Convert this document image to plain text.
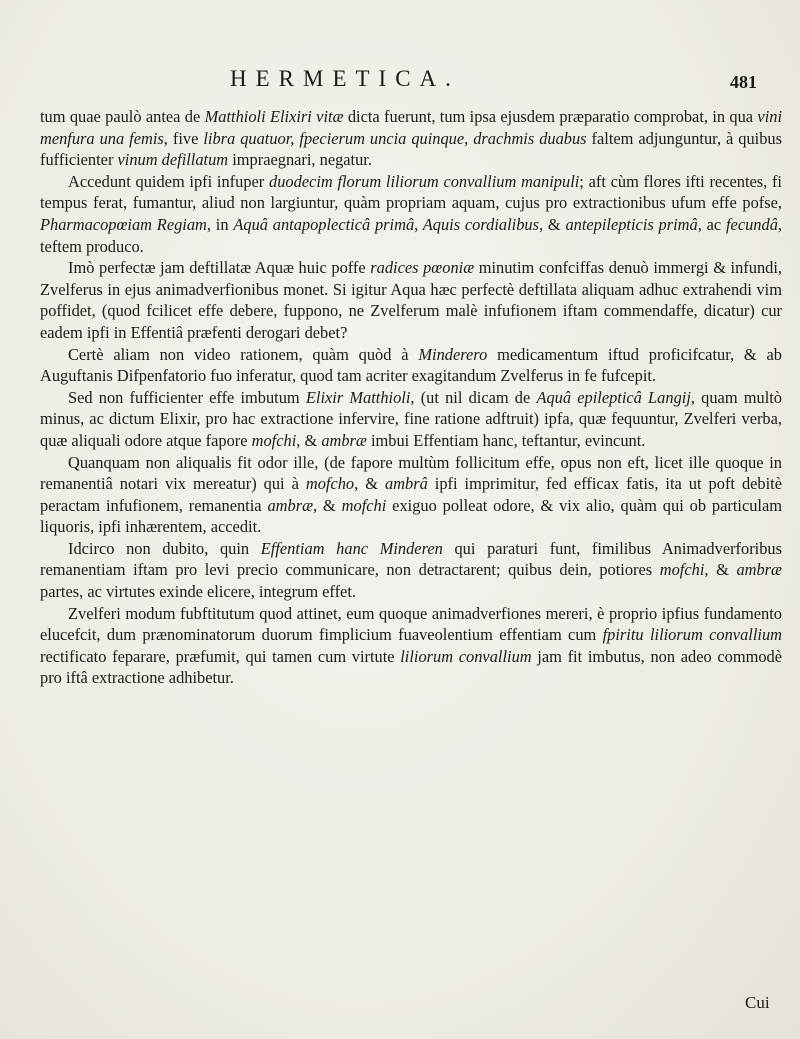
HERMETICA.	481

tum quae paulò antea de Matthioli Elixiri vitæ dicta fuerunt, tum ipsa ejusdem præparatio comprobat, in qua vini menfura una femis, five libra quatuor, fpecierum uncia quinque, drachmis duabus faltem adjunguntur, à quibus fufficienter vinum defillatum impraegnari, negatur.

Accedunt quidem ipfi infuper duodecim florum liliorum convallium manipuli; aft cùm flores ifti recentes, fi tempus ferat, fumantur, aliud non largiuntur, quàm propriam aquam, cujus pro extractionibus ufum effe pofse, Pharmacopœiam Regiam, in Aquâ antapoplecticâ primâ, Aquis cordialibus, & antepilepticis primâ, ac fecundâ, teftem produco.

Imò perfectæ jam deftillatæ Aquæ huic poffe radices pœoniæ minutim confciffas denuò immergi & infundi, Zvelferus in ejus animadverfionibus monet. Si igitur Aqua hæc perfectè deftillata aliquam adhuc extrahendi vim poffidet, (quod fcilicet effe debere, fuppono, ne Zvelferum malè infufionem iftam commendaffe, dicatur) cur eadem ipfi in Effentiâ præfenti derogari debet?

Certè aliam non video rationem, quàm quòd à Minderero medicamentum iftud proficifcatur, & ab Auguftanis Difpenfatorio fuo inferatur, quod tam acriter exagitandum Zvelferus in fe fufcepit.

Sed non fufficienter effe imbutum Elixir Matthioli, (ut nil dicam de Aquâ epilepticâ Langij, quam multò minus, ac dictum Elixir, pro hac extractione infervire, fine ratione adftruit) ipfa, quæ fequuntur, Zvelferi verba, quæ aliquali odore atque fapore mofchi, & ambræ imbui Effentiam hanc, teftantur, evincunt.

Quanquam non aliqualis fit odor ille, (de fapore multùm follicitum effe, opus non eft, licet ille quoque in remanentiâ notari vix mereatur) qui à mofcho, & ambrâ ipfi imprimitur, fed efficax fatis, ita ut poft debitè peractam infufionem, remanentia ambræ, & mofchi exiguo polleat odore, & vix alio, quàm qui ob particulam liquoris, ipfi inhærentem, accedit.

Idcirco non dubito, quin Effentiam hanc Minderen qui paraturi funt, fimilibus Animadverforibus remanentiam iftam pro levi precio communicare, non detractarent; quibus dein, potiores mofchi, & ambræ partes, ac virtutes exinde elicere, integrum effet.

Zvelferi modum fubftitutum quod attinet, eum quoque animadverfiones mereri, è proprio ipfius fundamento elucefcit, dum prænominatorum duorum fimplicium fuaveolentium effentiam cum fpiritu liliorum convallium rectificato feparare, præfumit, qui tamen cum virtute liliorum convallium jam fit imbutus, non adeo commodè pro iftâ extractione adhibetur.

Cui
